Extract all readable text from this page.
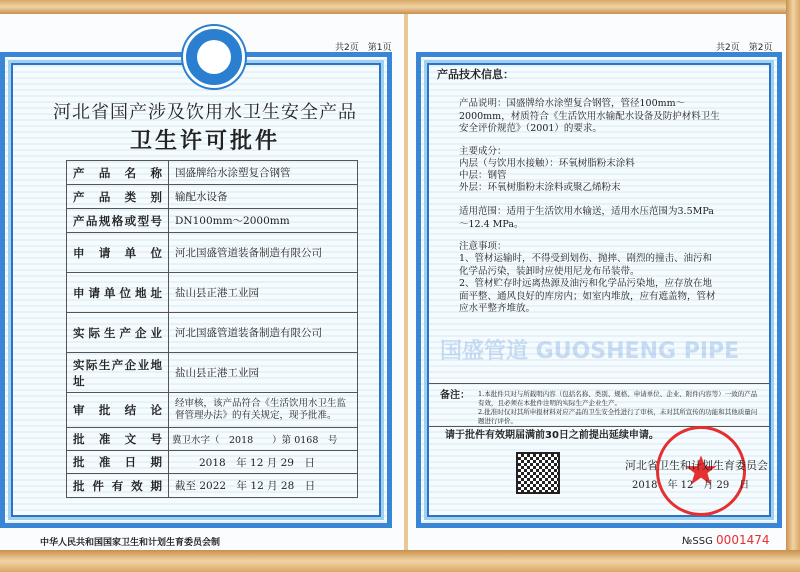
共2页　第1页
河北省国产涉及饮用水卫生安全产品
卫生许可批件
产品名称	国盛牌给水涂塑复合钢管
产品类别	输配水设备
产品规格或型号	DN100mm～2000mm
申请单位	河北国盛管道装备制造有限公司
申请单位地址	盐山县正港工业园
实际生产企业	河北国盛管道装备制造有限公司
实际生产企业地址	盐山县正港工业园
审批结论	经审核，该产品符合《生活饮用水卫生监督管理办法》的有关规定，现予批准。
批准文号	冀卫水字（　2018　　）第 0168　号
批准日期	2018　年 12 月 29　日
批件有效期	截至 2022　年 12 月 28　日
中华人民共和国国家卫生和计划生育委员会制
共2页　第2页
产品技术信息：
产品说明：国盛牌给水涂塑复合钢管，管径100mm～2000mm，材质符合《生活饮用水输配水设备及防护材料卫生安全评价规范》（2001）的要求。
主要成分：
内层（与饮用水接触）：环氧树脂粉末涂料
中层：钢管
外层：环氧树脂粉末涂料或聚乙烯粉末
适用范围：适用于生活饮用水输送，适用水压范围为3.5MPa～12.4 MPa。
注意事项：
1、管材运输时，不得受到划伤、抛摔、剧烈的撞击、油污和化学品污染，装卸时应使用尼龙布吊装带。
2、管材贮存时远离热源及油污和化学品污染地，应存放在地面平整、通风良好的库房内；如室内堆放，应有遮盖物，管材应水平整齐堆放。
国盛管道 GUOSHENG PIPE
备注： 1.本批件只对与所载明内容（包括名称、类别、规格、申请单位、企业、附件内容等）一致的产品有效，且必须在本批件注明的实际生产企业生产。
2.批准时仅对其所申报材料对应产品的卫生安全性进行了审核，未对其所宣传的功能和其他质量问题进行评价。
请于批件有效期届满前30日之前提出延续申请。
河北省卫生和计划生育委员会
2018　年 12　月 29　日
№SSG 0001474
